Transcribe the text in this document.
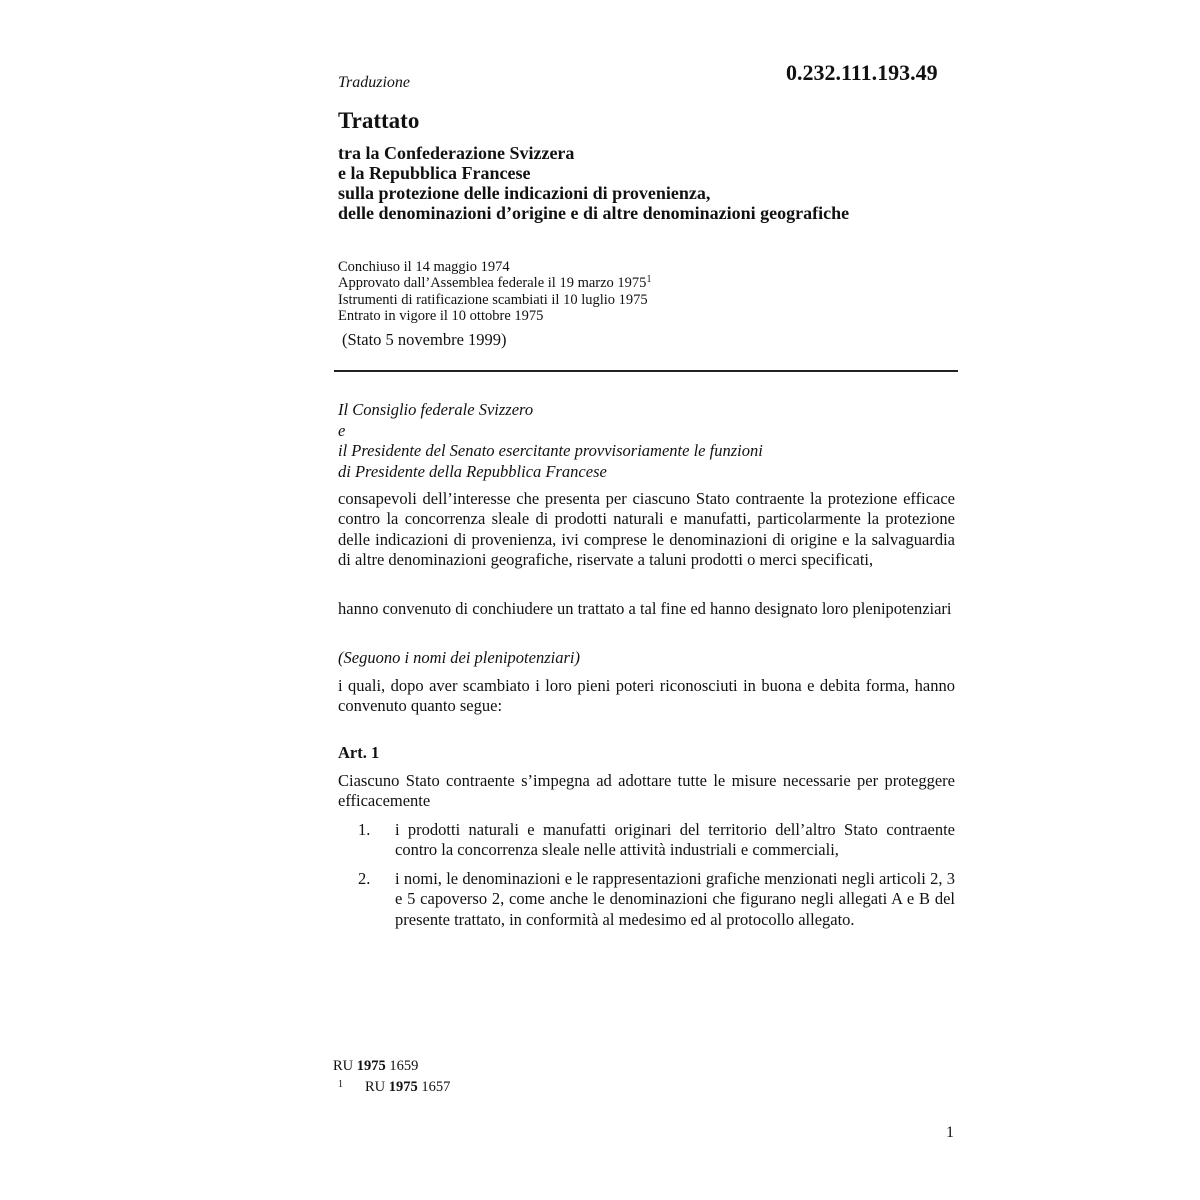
Traduzione	0.232.111.193.49
Trattato
tra la Confederazione Svizzera
e la Repubblica Francese
sulla protezione delle indicazioni di provenienza,
delle denominazioni d’origine e di altre denominazioni geografiche
Conchiuso il 14 maggio 1974
Approvato dall’Assemblea federale il 19 marzo 1975$^1$
Istrumenti di ratificazione scambiati il 10 luglio 1975
Entrato in vigore il 10 ottobre 1975
(Stato 5 novembre 1999)
Il Consiglio federale Svizzero
e
il Presidente del Senato esercitante provvisoriamente le funzioni
di Presidente della Repubblica Francese
consapevoli dell’interesse che presenta per ciascuno Stato contraente la protezione efficace contro la concorrenza sleale di prodotti naturali e manufatti, particolarmente la protezione delle indicazioni di provenienza, ivi comprese le denominazioni di origine e la salvaguardia di altre denominazioni geografiche, riservate a taluni prodotti o merci specificati,
hanno convenuto di conchiudere un trattato a tal fine ed hanno designato loro plenipotenziari
(Seguono i nomi dei plenipotenziari)
i quali, dopo aver scambiato i loro pieni poteri riconosciuti in buona e debita forma, hanno convenuto quanto segue:
Art. 1
Ciascuno Stato contraente s’impegna ad adottare tutte le misure necessarie per proteggere efficacemente
1.	i prodotti naturali e manufatti originari del territorio dell’altro Stato contraente contro la concorrenza sleale nelle attività industriali e commerciali,
2.	i nomi, le denominazioni e le rappresentazioni grafiche menzionati negli articoli 2, 3 e 5 capoverso 2, come anche le denominazioni che figurano negli allegati A e B del presente trattato, in conformità al medesimo ed al protocollo allegato.
RU 1975 1659
$^1$ RU 1975 1657
1
